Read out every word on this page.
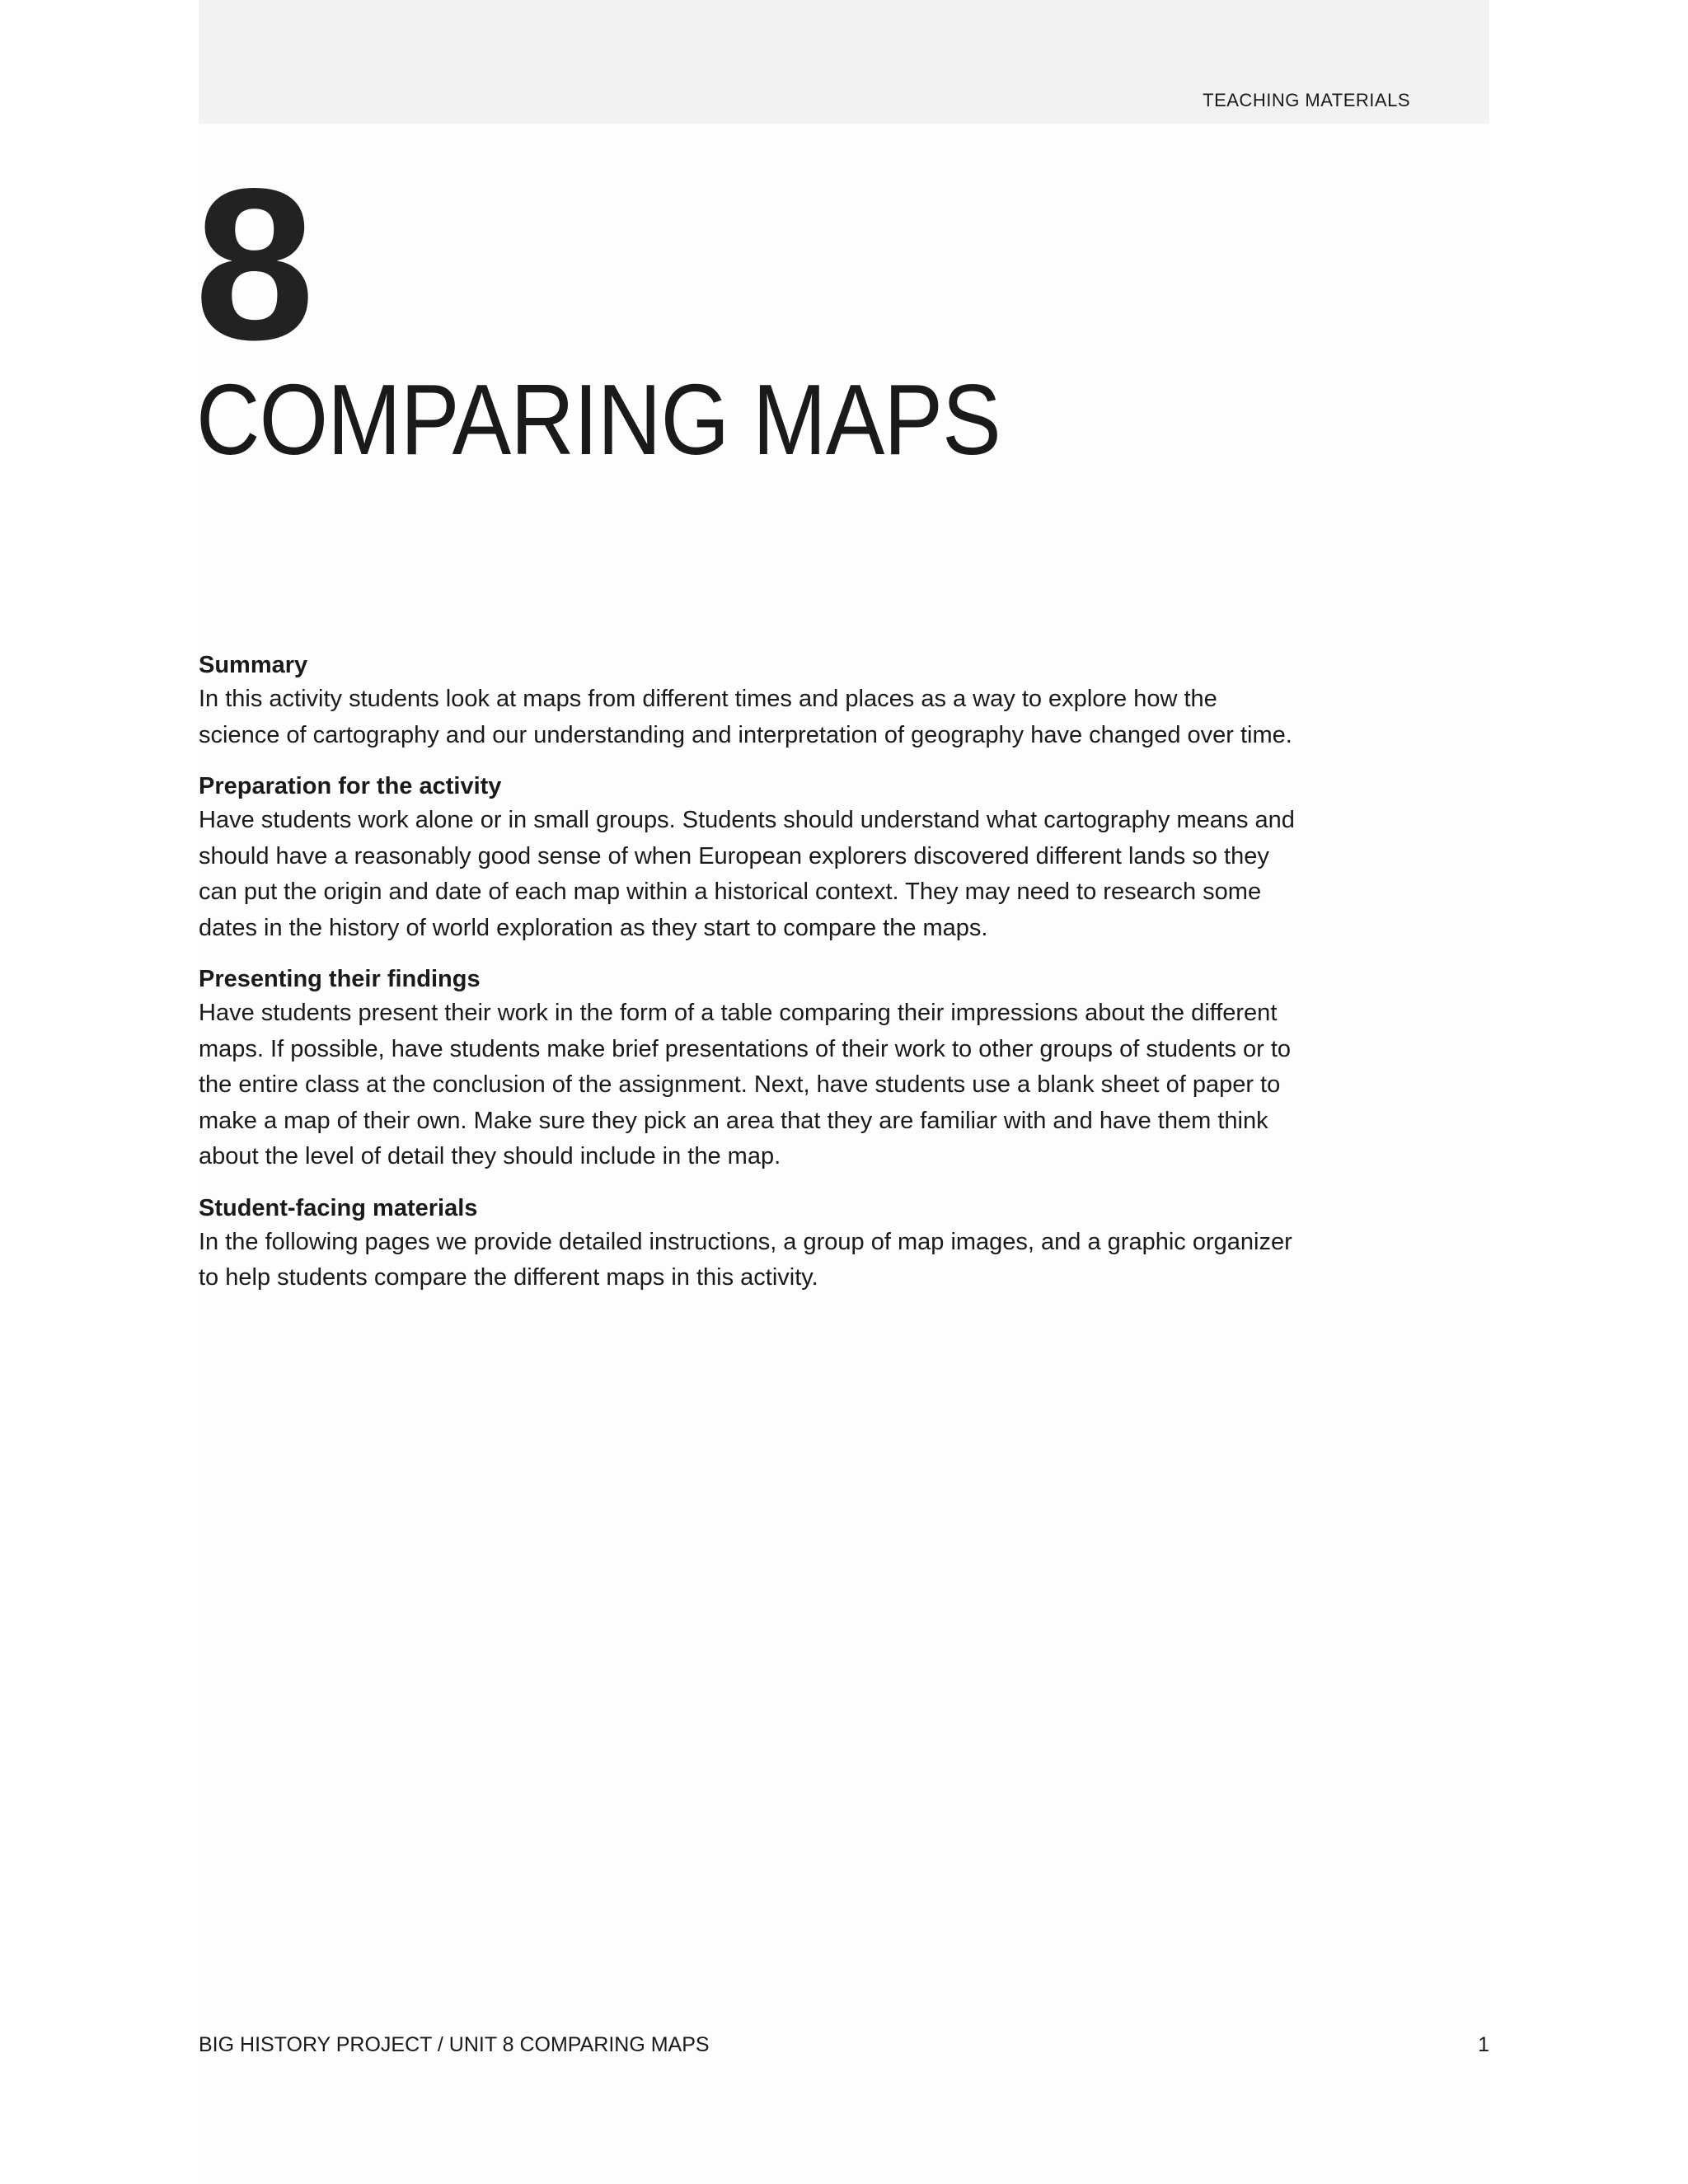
TEACHING MATERIALS
8
COMPARING MAPS

Summary

In this activity students look at maps from different times and places as a way to explore how the science of cartography and our understanding and interpretation of geography have changed over time.

Preparation for the activity

Have students work alone or in small groups. Students should understand what cartography means and should have a reasonably good sense of when European explorers discovered different lands so they can put the origin and date of each map within a historical context. They may need to research some dates in the history of world exploration as they start to compare the maps.

Presenting their findings

Have students present their work in the form of a table comparing their impressions about the different maps. If possible, have students make brief presentations of their work to other groups of students or to the entire class at the conclusion of the assignment. Next, have students use a blank sheet of paper to make a map of their own. Make sure they pick an area that they are familiar with and have them think about the level of detail they should include in the map.

Student-facing materials

In the following pages we provide detailed instructions, a group of map images, and a graphic organizer to help students compare the different maps in this activity.

BIG HISTORY PROJECT / UNIT 8 COMPARING MAPS	1
